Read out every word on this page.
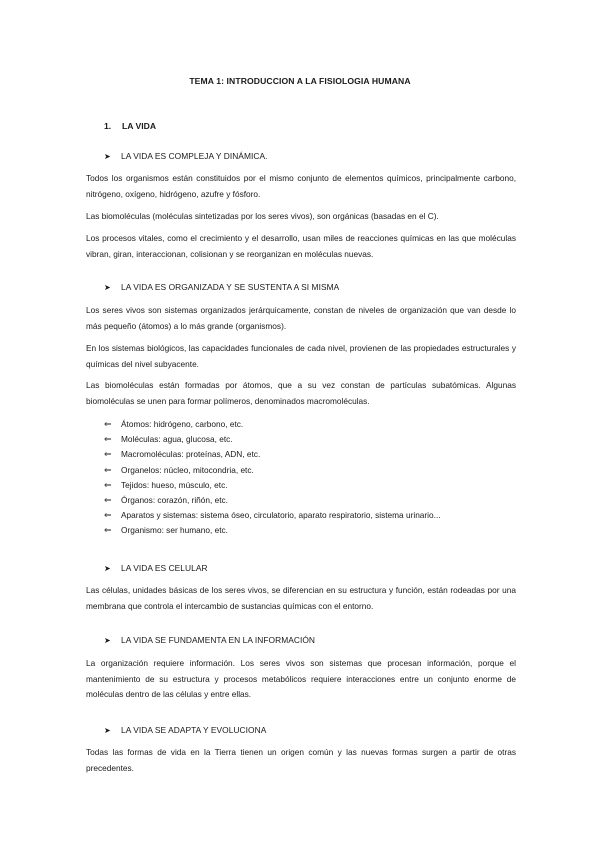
TEMA 1: INTRODUCCION A LA FISIOLOGIA HUMANA
1. LA VIDA
➤ LA VIDA ES COMPLEJA Y DINÁMICA.
Todos los organismos están constituidos por el mismo conjunto de elementos químicos, principalmente carbono, nitrógeno, oxígeno, hidrógeno, azufre y fósforo.
Las biomoléculas (moléculas sintetizadas por los seres vivos), son orgánicas (basadas en el C).
Los procesos vitales, como el crecimiento y el desarrollo, usan miles de reacciones químicas en las que moléculas vibran, giran, interaccionan, colisionan y se reorganizan en moléculas nuevas.
➤ LA VIDA ES ORGANIZADA Y SE SUSTENTA A SI MISMA
Los seres vivos son sistemas organizados jerárquicamente, constan de niveles de organización que van desde lo más pequeño (átomos) a lo más grande (organismos).
En los sistemas biológicos, las capacidades funcionales de cada nivel, provienen de las propiedades estructurales y químicas del nivel subyacente.
Las biomoléculas están formadas por átomos, que a su vez constan de partículas subatómicas. Algunas biomoléculas se unen para formar polímeros, denominados macromoléculas.
⇐ Átomos: hidrógeno, carbono, etc.
⇐ Moléculas: agua, glucosa, etc.
⇐ Macromoléculas: proteínas, ADN, etc.
⇐ Organelos: núcleo, mitocondria, etc.
⇐ Tejidos: hueso, músculo, etc.
⇐ Órganos: corazón, riñón, etc.
⇐ Aparatos y sistemas: sistema óseo, circulatorio, aparato respiratorio, sistema urinario...
⇐ Organismo: ser humano, etc.
➤ LA VIDA ES CELULAR
Las células, unidades básicas de los seres vivos, se diferencian en su estructura y función, están rodeadas por una membrana que controla el intercambio de sustancias químicas con el entorno.
➤ LA VIDA SE FUNDAMENTA EN LA INFORMACIÓN
La organización requiere información. Los seres vivos son sistemas que procesan información, porque el mantenimiento de su estructura y procesos metabólicos requiere interacciones entre un conjunto enorme de moléculas dentro de las células y entre ellas.
➤ LA VIDA SE ADAPTA Y EVOLUCIONA
Todas las formas de vida en la Tierra tienen un origen común y las nuevas formas surgen a partir de otras precedentes.
